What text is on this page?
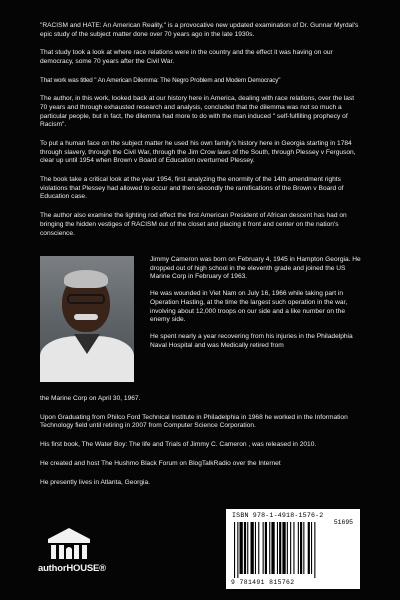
"RACISM and HATE: An American Reality," is a provocative new updated examination of Dr. Gunnar Myrdal's epic study of the subject matter done over 70 years ago in the late 1930s.

That study took a look at where race relations were in the country and the effect it was having on our democracy, some 70 years after the Civil War.

That work was titled " An American Dilemma: The Negro Problem and Modern Democracy"

The author, in this work, looked back at our history here in America, dealing with race relations, over the last 70 years and through exhausted research and analysis, concluded that the dilemma was not so much a particular people, but in fact, the dilemma had more to do with the man induced " self-fulfilling prophecy of Racism".

To put a human face on the subject matter he used his own family's history here in Georgia starting in 1784 through slavery, through the Civil War, through the Jim Crow laws of the South, through Plessey v Ferguson, clear up until 1954 when Brown v Board of Education overturned Plessey.

The book take a critical look at the year 1954, first analyzing the enormity of the 14th amendment rights violations that Plessey had allowed to occur and then secondly the ramifications of the Brown v Board of Education case.

The author also examine the lighting rod effect the first American President of African descent has had on bringing the hidden vestiges of RACISM out of the closet and placing it front and center on the nation's conscience.

Jimmy Cameron was born on February 4, 1945 in Hampton Georgia. He dropped out of high school in the eleventh grade and joined the US Marine Corp in February of 1963.

He was wounded in Viet Nam on July 16, 1966 while taking part in Operation Hasting, at the time the largest such operation in the war, involving about 12,000 troops on our side and a like number on the enemy side.

He spent nearly a year recovering from his injuries in the Philadelphia Naval Hospital and was Medically retired from

the Marine Corp on April 30, 1967.

Upon Graduating from Philco Ford Technical Institute in Philadelphia in 1968 he worked in the Information Technology field until retiring in 2007 from Computer Science Corporation.

His first book, The Water Boy: The life and Trials of Jimmy C. Cameron , was released in 2010.

He created and host The Hushmo Black Forum on BlogTalkRadio over the Internet

He presently lives in Atlanta, Georgia.

authorHOUSE®
ISBN 978-1-4918-1576-2
51695
9 781491 815762
